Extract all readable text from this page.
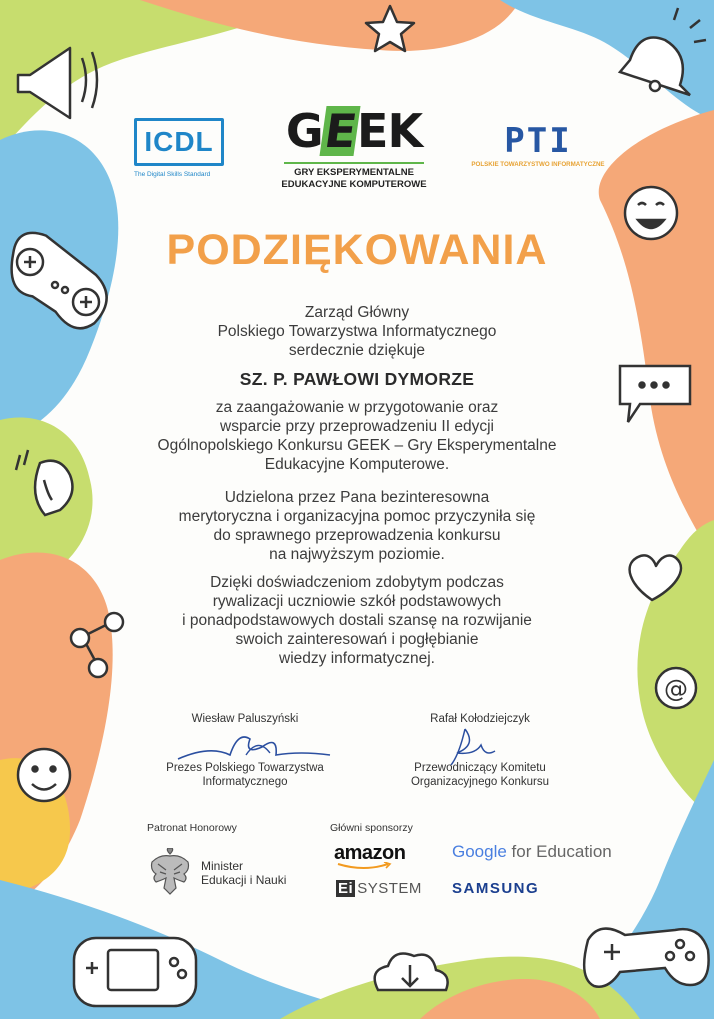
@
ICDL
The Digital Skills Standard
GEEK
GRY EKSPERYMENTALNE
EDUKACYJNE KOMPUTEROWE
PTI
POLSKIE TOWARZYSTWO INFORMATYCZNE
PODZIĘKOWANIA
Zarząd Główny
Polskiego Towarzystwa Informatycznego
serdecznie dziękuje
SZ. P. PAWŁOWI DYMORZE
za zaangażowanie w przygotowanie oraz
wsparcie przy przeprowadzeniu II edycji
Ogólnopolskiego Konkursu GEEK – Gry Eksperymentalne
Edukacyjne Komputerowe.
Udzielona przez Pana bezinteresowna
merytoryczna i organizacyjna pomoc przyczyniła się
do sprawnego przeprowadzenia konkursu
na najwyższym poziomie.
Dzięki doświadczeniom zdobytym podczas
rywalizacji uczniowie szkół podstawowych
i ponadpodstawowych dostali szansę na rozwijanie
swoich zainteresowań i pogłębianie
wiedzy informatycznej.
Wiesław Paluszyński
Prezes Polskiego Towarzystwa
Informatycznego
Rafał Kołodziejczyk
Przewodniczący Komitetu
Organizacyjnego Konkursu
Patronat Honorowy
Minister
Edukacji i Nauki
Główni sponsorzy
amazon	Google for Education
Ei SYSTEM SAMSUNG
